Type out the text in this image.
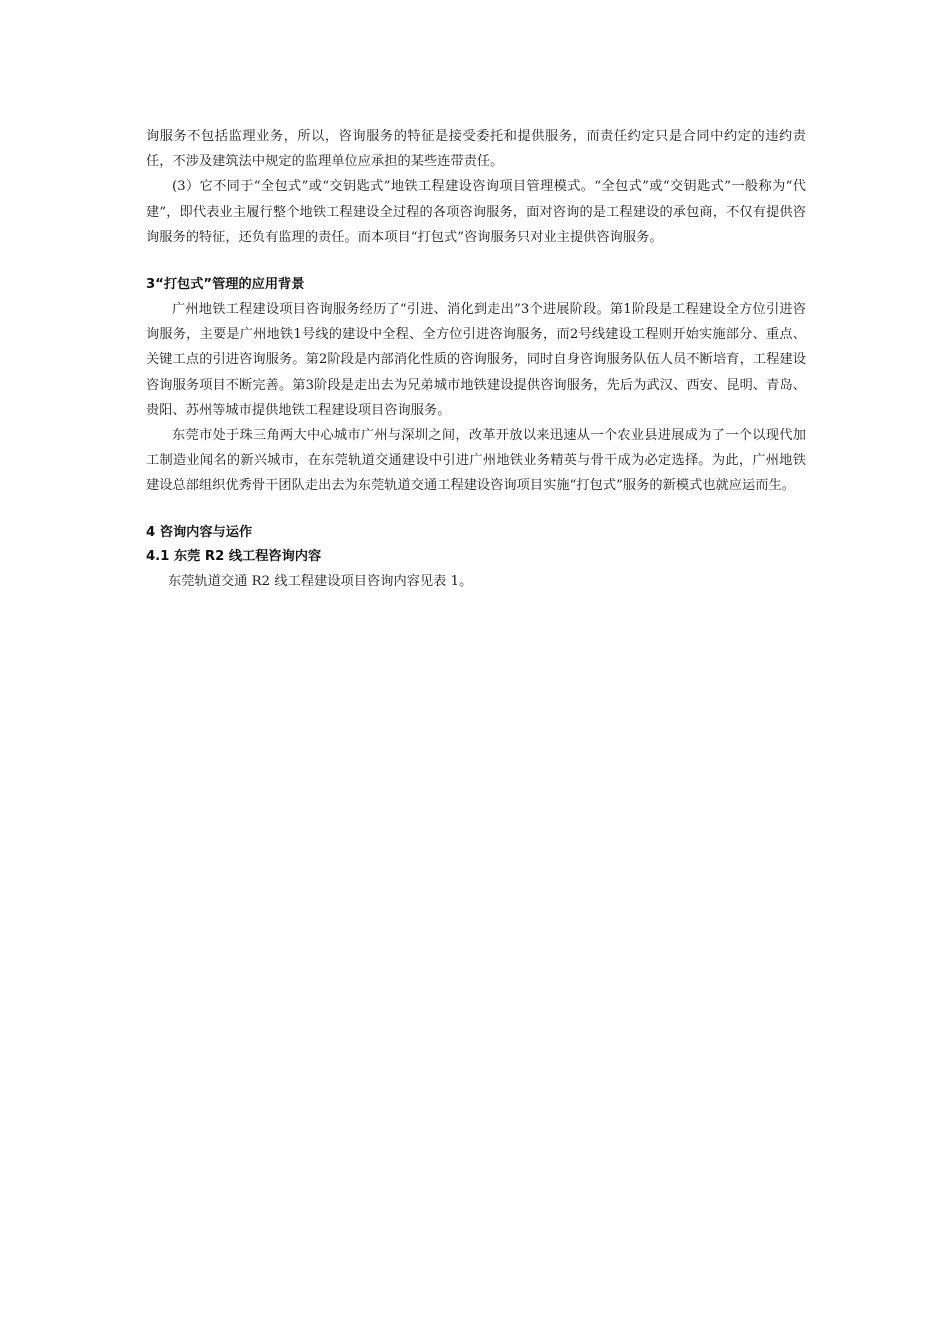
询服务不包括监理业务，所以，咨询服务的特征是接受委托和提供服务，而责任约定只是合同中约定的违约责任，不涉及建筑法中规定的监理单位应承担的某些连带责任。

(3）它不同于“全包式”或“交钥匙式”地铁工程建设咨询项目管理模式。“全包式”或“交钥匙式”一般称为“代建”，即代表业主履行整个地铁工程建设全过程的各项咨询服务，面对咨询的是工程建设的承包商，不仅有提供咨询服务的特征，还负有监理的责任。而本项目“打包式”咨询服务只对业主提供咨询服务。

3“打包式”管理的应用背景

广州地铁工程建设项目咨询服务经历了“引进、消化到走出”3个进展阶段。第1阶段是工程建设全方位引进咨询服务，主要是广州地铁1号线的建设中全程、全方位引进咨询服务，而2号线建设工程则开始实施部分、重点、关键工点的引进咨询服务。第2阶段是内部消化性质的咨询服务，同时自身咨询服务队伍人员不断培育，工程建设咨询服务项目不断完善。第3阶段是走出去为兄弟城市地铁建设提供咨询服务，先后为武汉、西安、昆明、青岛、贵阳、苏州等城市提供地铁工程建设项目咨询服务。

东莞市处于珠三角两大中心城市广州与深圳之间，改革开放以来迅速从一个农业县进展成为了一个以现代加工制造业闻名的新兴城市，在东莞轨道交通建设中引进广州地铁业务精英与骨干成为必定选择。为此，广州地铁建设总部组织优秀骨干团队走出去为东莞轨道交通工程建设咨询项目实施“打包式”服务的新模式也就应运而生。

4 咨询内容与运作

4.1 东莞 R2 线工程咨询内容

东莞轨道交通 R2 线工程建设项目咨询内容见表 1。
